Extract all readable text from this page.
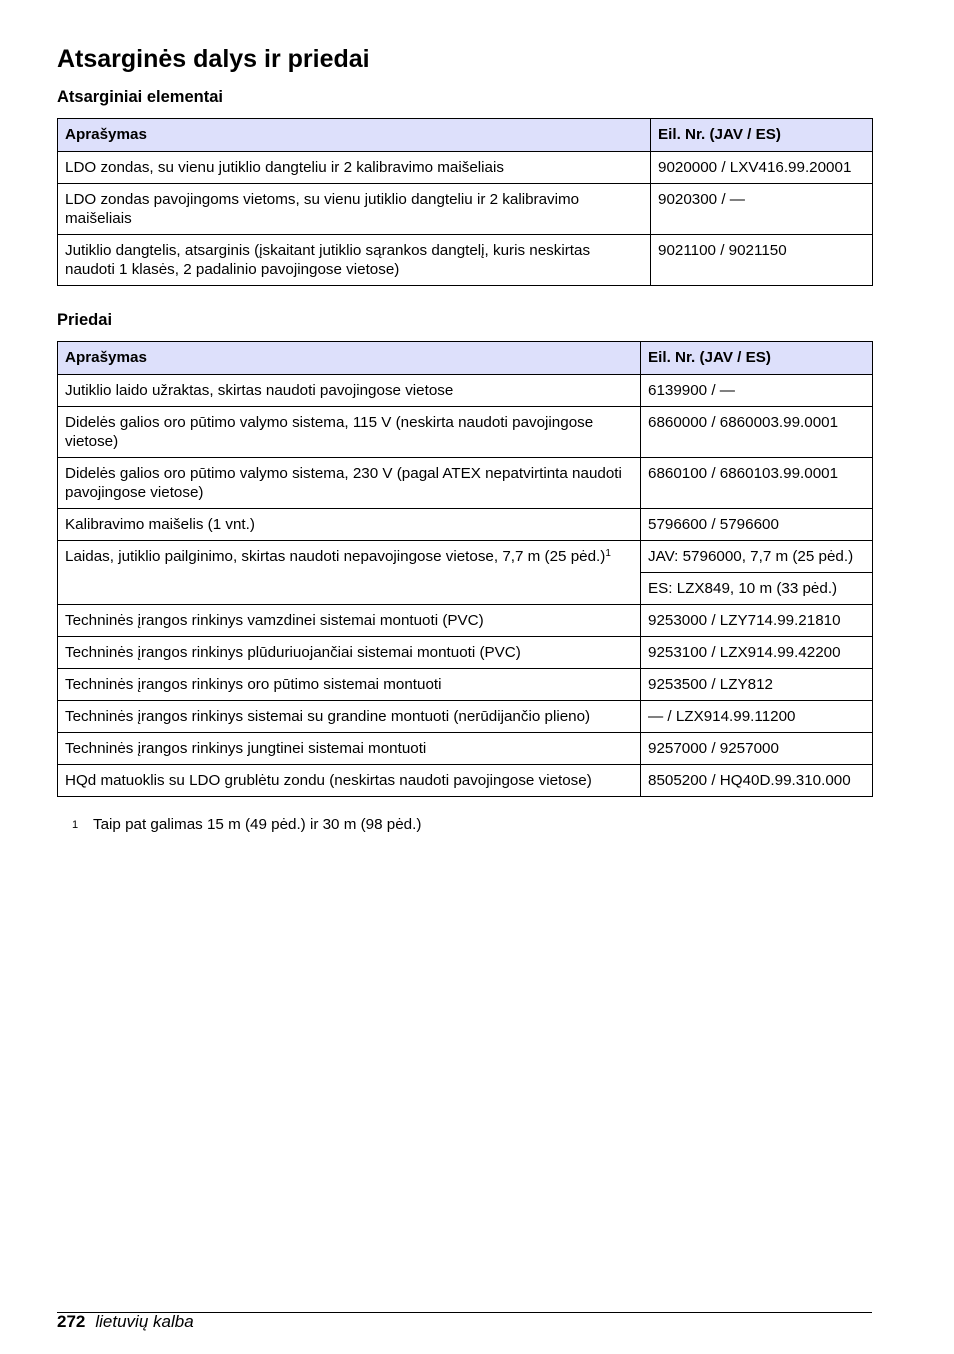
Atsarginės dalys ir priedai
Atsarginiai elementai
Aprašymas	Eil. Nr. (JAV / ES)
LDO zondas, su vienu jutiklio dangteliu ir 2 kalibravimo maišeliais	9020000 / LXV416.99.20001
LDO zondas pavojingoms vietoms, su vienu jutiklio dangteliu ir 2 kalibravimo maišeliais	9020300 / —
Jutiklio dangtelis, atsarginis (įskaitant jutiklio sąrankos dangtelį, kuris neskirtas naudoti 1 klasės, 2 padalinio pavojingose vietose)	9021100 / 9021150
Priedai
Aprašymas	Eil. Nr. (JAV / ES)
Jutiklio laido užraktas, skirtas naudoti pavojingose vietose	6139900 / —
Didelės galios oro pūtimo valymo sistema, 115 V (neskirta naudoti pavojingose vietose)	6860000 / 6860003.99.0001
Didelės galios oro pūtimo valymo sistema, 230 V (pagal ATEX nepatvirtinta naudoti pavojingose vietose)	6860100 / 6860103.99.0001
Kalibravimo maišelis (1 vnt.)	5796600 / 5796600
Laidas, jutiklio pailginimo, skirtas naudoti nepavojingose vietose, 7,7 m (25 pėd.)$^1$	JAV: 5796000, 7,7 m (25 pėd.)
	ES: LZX849, 10 m (33 pėd.)
Techninės įrangos rinkinys vamzdinei sistemai montuoti (PVC)	9253000 / LZY714.99.21810
Techninės įrangos rinkinys plūduriuojančiai sistemai montuoti (PVC)	9253100 / LZX914.99.42200
Techninės įrangos rinkinys oro pūtimo sistemai montuoti	9253500 / LZY812
Techninės įrangos rinkinys sistemai su grandine montuoti (nerūdijančio plieno)	— / LZX914.99.11200
Techninės įrangos rinkinys jungtinei sistemai montuoti	9257000 / 9257000
HQd matuoklis su LDO grublėtu zondu (neskirtas naudoti pavojingose vietose)	8505200 / HQ40D.99.310.000
1 Taip pat galimas 15 m (49 pėd.) ir 30 m (98 pėd.)
272 lietuvių kalba
